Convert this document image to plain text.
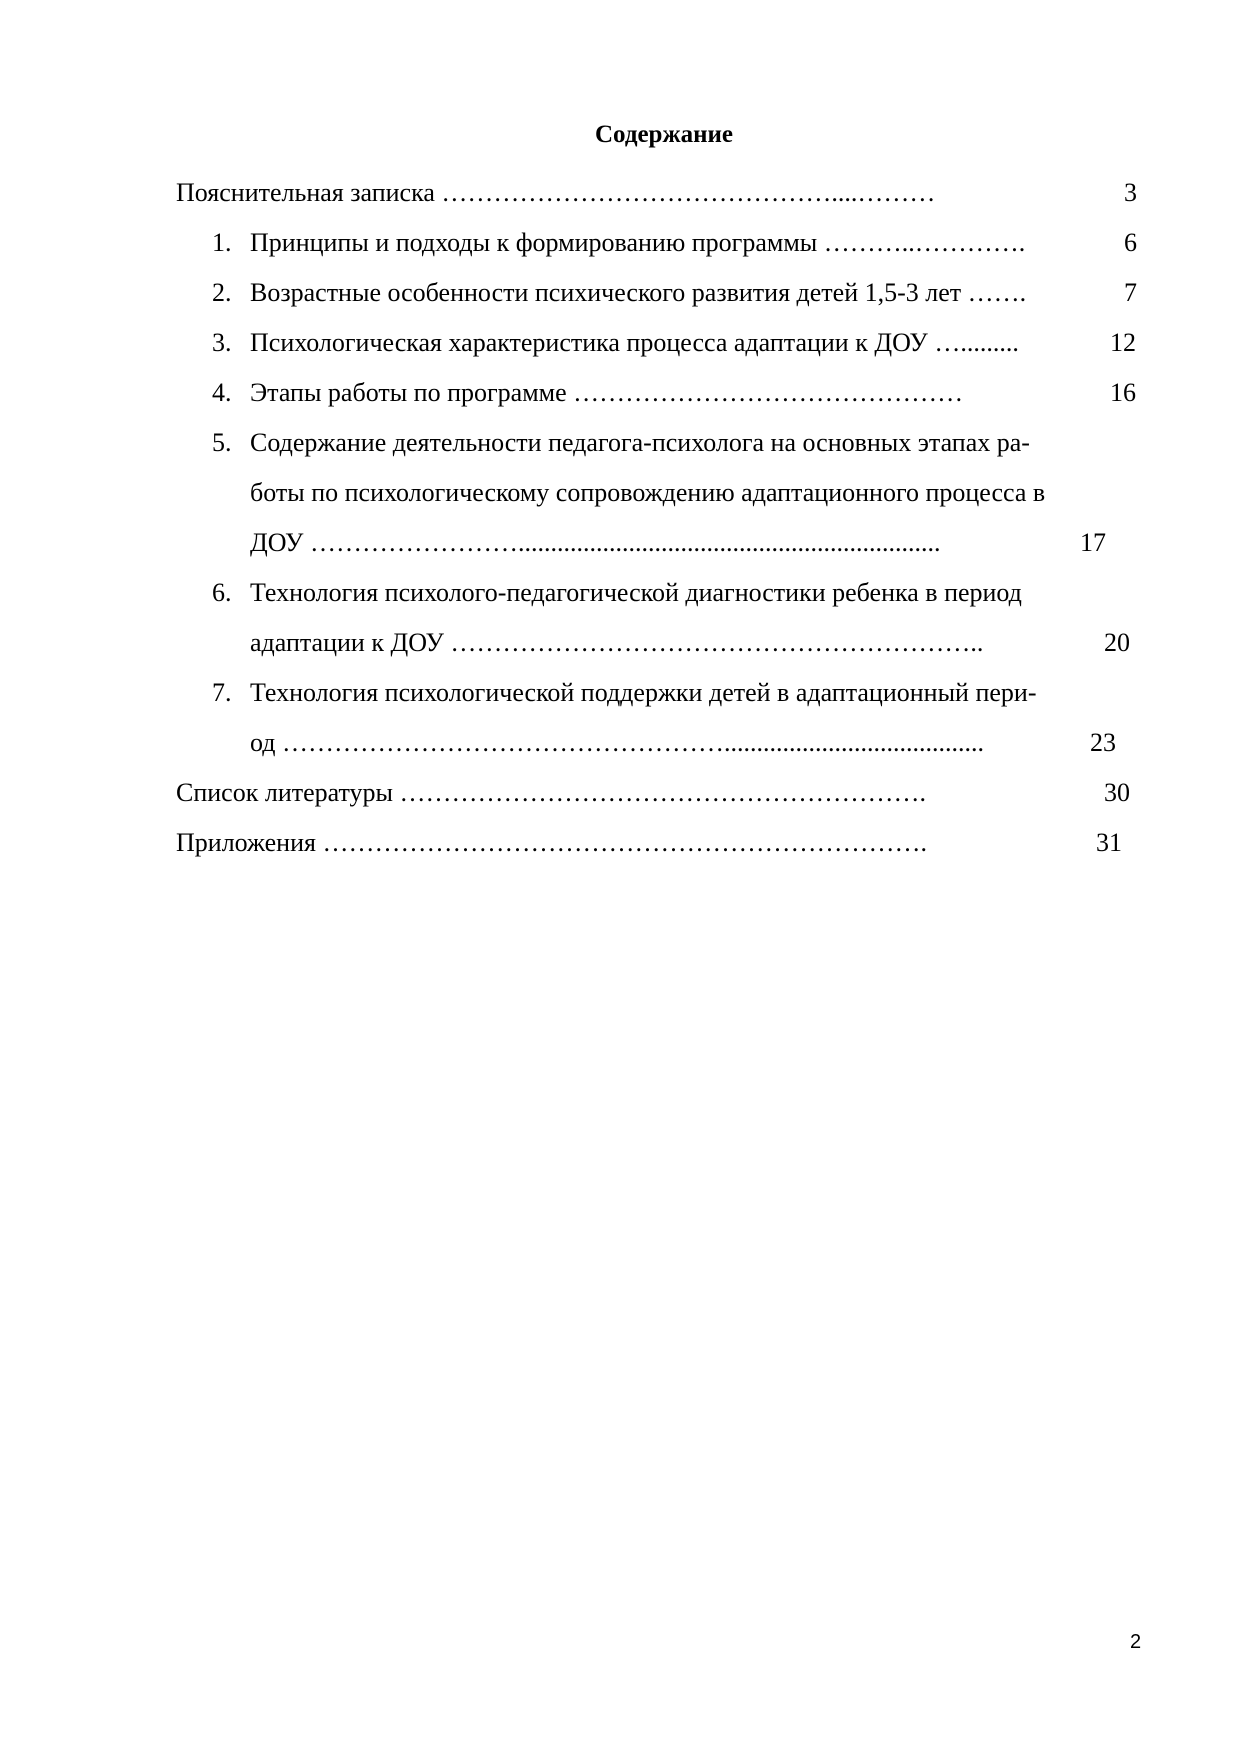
Содержание
Пояснительная записка ………………………………………....………	3
1. Принципы и подходы к формированию программы ………..………….	6
2. Возрастные особенности психического развития детей 1,5-3 лет …….	7
3. Психологическая характеристика процесса адаптации к ДОУ ….........	12
4. Этапы работы по программе ………………………………………	16
5. Содержание деятельности педагога-психолога на основных этапах ра-
боты по психологическому сопровождению адаптационного процесса в
ДОУ …………………….................................................................	17
6. Технология психолого-педагогической диагностики ребенка в период
адаптации к ДОУ ……………………………………………………..	20
7. Технология психологической поддержки детей в адаптационный пери-
од ……………………………………………........................................	23
Список литературы …………………………………………………….	30
Приложения …………………………………………………………….	31
2
